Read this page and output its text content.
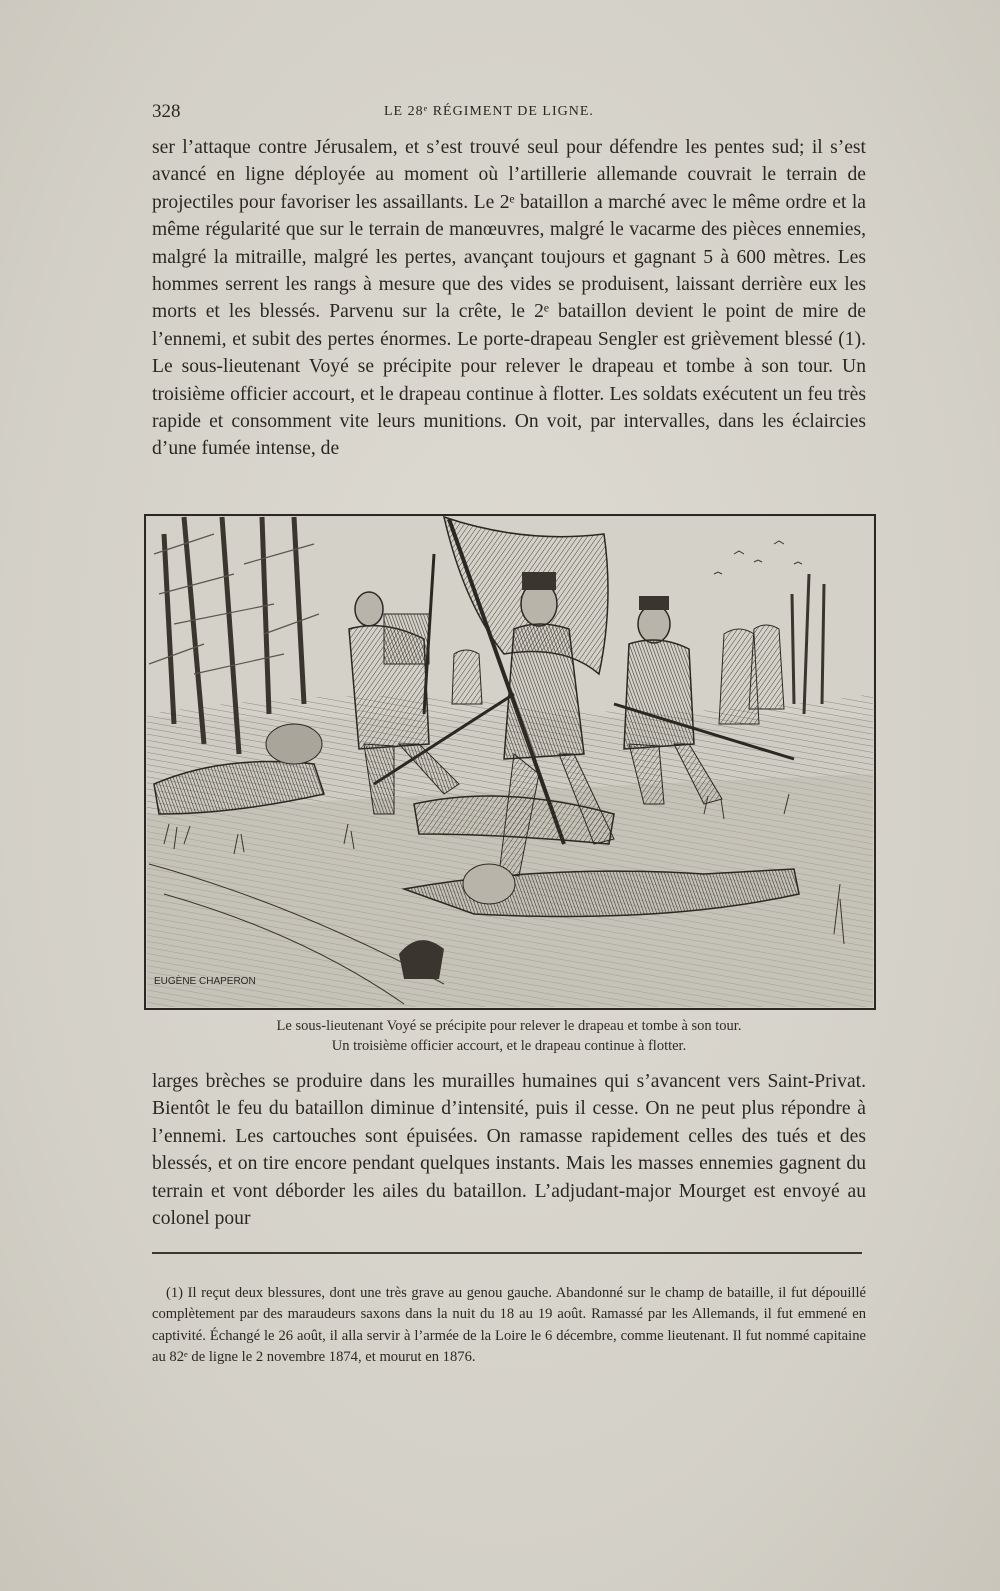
328	LE 28ᵉ RÉGIMENT DE LIGNE.

ser l’attaque contre Jérusalem, et s’est trouvé seul pour défendre les pentes sud; il s’est avancé en ligne déployée au moment où l’artillerie allemande couvrait le terrain de projectiles pour favoriser les assaillants. Le 2ᵉ bataillon a marché avec le même ordre et la même régularité que sur le terrain de manœuvres, malgré le vacarme des pièces ennemies, malgré la mitraille, malgré les pertes, avançant toujours et gagnant 5 à 600 mètres. Les hommes serrent les rangs à mesure que des vides se produisent, laissant derrière eux les morts et les blessés. Parvenu sur la crête, le 2ᵉ bataillon devient le point de mire de l’ennemi, et subit des pertes énormes. Le porte-drapeau Sengler est grièvement blessé (1). Le sous-lieutenant Voyé se précipite pour relever le drapeau et tombe à son tour. Un troisième officier accourt, et le drapeau continue à flotter. Les soldats exécutent un feu très rapide et consomment vite leurs munitions. On voit, par intervalles, dans les éclaircies d’une fumée intense, de

EUGÈNE CHAPERON
Le sous-lieutenant Voyé se précipite pour relever le drapeau et tombe à son tour.
Un troisième officier accourt, et le drapeau continue à flotter.

larges brèches se produire dans les murailles humaines qui s’avancent vers Saint-Privat. Bientôt le feu du bataillon diminue d’intensité, puis il cesse. On ne peut plus répondre à l’ennemi. Les cartouches sont épuisées. On ramasse rapidement celles des tués et des blessés, et on tire encore pendant quelques instants. Mais les masses ennemies gagnent du terrain et vont déborder les ailes du bataillon. L’adjudant-major Mourget est envoyé au colonel pour

(1) Il reçut deux blessures, dont une très grave au genou gauche. Abandonné sur le champ de bataille, il fut dépouillé complètement par des maraudeurs saxons dans la nuit du 18 au 19 août. Ramassé par les Allemands, il fut emmené en captivité. Échangé le 26 août, il alla servir à l’armée de la Loire le 6 décembre, comme lieutenant. Il fut nommé capitaine au 82ᵉ de ligne le 2 novembre 1874, et mourut en 1876.
